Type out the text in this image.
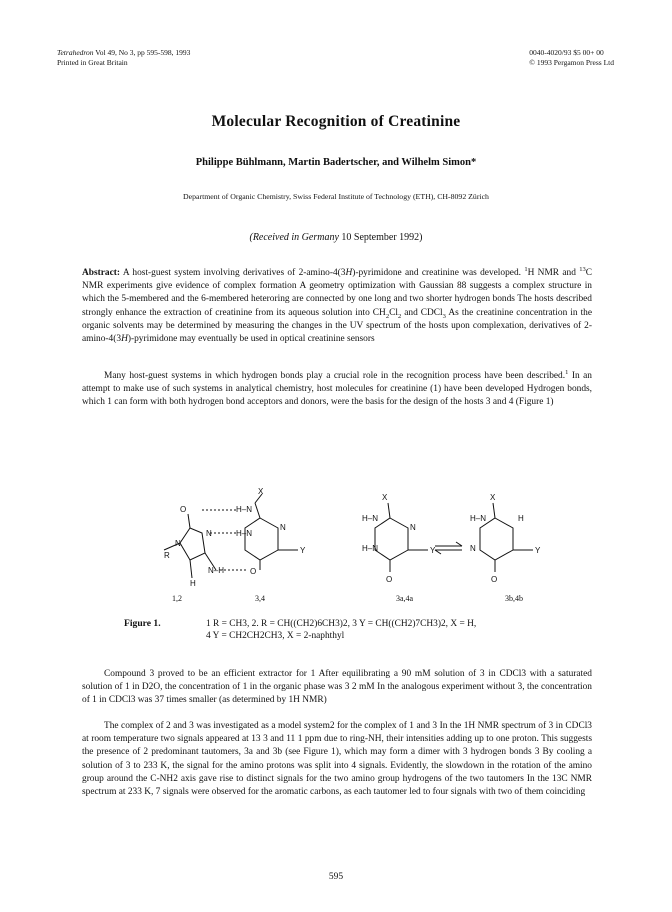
Tetrahedron Vol 49, No 3, pp 595-598, 1993
Printed in Great Britain
0040-4020/93 $5 00+ 00
© 1993 Pergamon Press Ltd
Molecular Recognition of Creatinine
Philippe Bühlmann, Martin Badertscher, and Wilhelm Simon*
Department of Organic Chemistry, Swiss Federal Institute of Technology (ETH), CH-8092 Zürich
(Received in Germany 10 September 1992)
Abstract: A host-guest system involving derivatives of 2-amino-4(3H)-pyrimidone and creatinine was developed. $^1$H NMR and $^{13}$C NMR experiments give evidence of complex formation A geometry optimization with Gaussian 88 suggests a complex structure in which the 5-membered and the 6-membered heteroring are connected by one long and two shorter hydrogen bonds The hosts described strongly enhance the extraction of creatinine from its aqueous solution into $CH_2Cl_2$ and CDCl$_3$ As the creatinine concentration in the organic solvents may be determined by measuring the changes in the UV spectrum of the hosts upon complexation, derivatives of 2-amino-4(3H)-pyrimidone may eventually be used in optical creatinine sensors

Many host-guest systems in which hydrogen bonds play a crucial role in the recognition process have been described.$^1$ In an attempt to make use of such systems in analytical chemistry, host molecules for creatinine (1) have been developed Hydrogen bonds, which 1 can form with both hydrogen bond acceptors and donors, were the basis for the design of the hosts 3 and 4 (Figure 1)

O	H–N
X
N	H–N
N
Y
R
N
N–H	O
H
X
H–N
N
H–N	Y
O
X
H–N	H
N	Y
O
1,2	3,4	3a,4a	3b,4b
Figure 1.	1 R = CH3, 2. R = CH((CH2)6CH3)2, 3 Y = CH((CH2)7CH3)2, X = H,
4 Y = CH2CH2CH3, X = 2-naphthyl

Compound 3 proved to be an efficient extractor for 1 After equilibrating a 90 mM solution of 3 in CDCl3 with a saturated solution of 1 in D2O, the concentration of 1 in the organic phase was 3 2 mM In the analogous experiment without 3, the concentration of 1 in CDCl3 was 37 times smaller (as determined by 1H NMR)

The complex of 2 and 3 was investigated as a model system2 for the complex of 1 and 3 In the 1H NMR spectrum of 3 in CDCl3 at room temperature two signals appeared at 13 3 and 11 1 ppm due to ring-NH, their intensities adding up to one proton. This suggests the presence of 2 predominant tautomers, 3a and 3b (see Figure 1), which may form a dimer with 3 hydrogen bonds 3 By cooling a solution of 3 to 233 K, the signal for the amino protons was split into 4 signals. Evidently, the slowdown in the rotation of the amino group around the C-NH2 axis gave rise to distinct signals for the two amino group hydrogens of the two tautomers In the 13C NMR spectrum at 233 K, 7 signals were observed for the aromatic carbons, as each tautomer led to four signals with two of them coinciding

595
